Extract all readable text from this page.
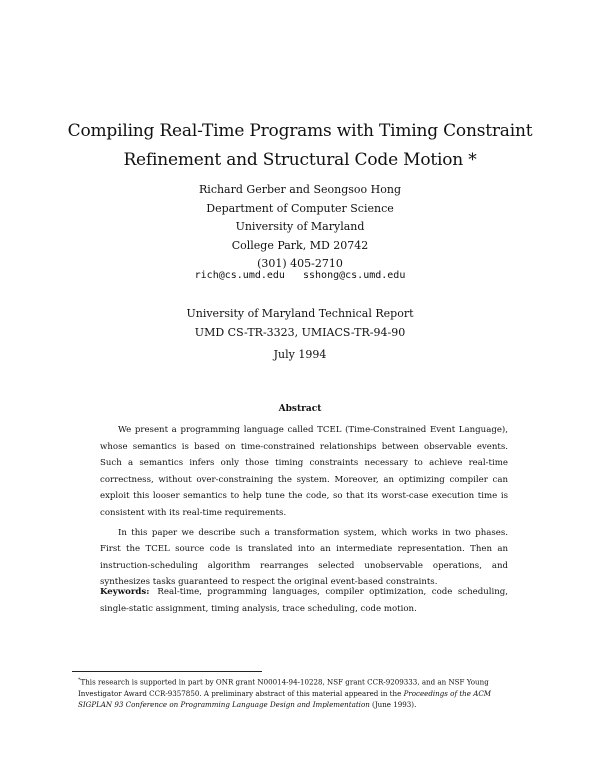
Compiling Real-Time Programs with Timing Constraint
Refinement and Structural Code Motion *
Richard Gerber and Seongsoo Hong
Department of Computer Science
University of Maryland
College Park, MD 20742
(301) 405-2710
rich@cs.umd.edu sshong@cs.umd.edu
University of Maryland Technical Report
UMD CS-TR-3323, UMIACS-TR-94-90
July 1994
Abstract

We present a programming language called TCEL (Time-Constrained Event Language), whose semantics is based on time-constrained relationships between observable events. Such a semantics infers only those timing constraints necessary to achieve real-time correctness, without over-constraining the system. Moreover, an optimizing compiler can exploit this looser semantics to help tune the code, so that its worst-case execution time is consistent with its real-time requirements.

In this paper we describe such a transformation system, which works in two phases. First the TCEL source code is translated into an intermediate representation. Then an instruction-scheduling algorithm rearranges selected unobservable operations, and synthesizes tasks guaranteed to respect the original event-based constraints.

Keywords: Real-time, programming languages, compiler optimization, code scheduling, single-static assignment, timing analysis, trace scheduling, code motion.
*This research is supported in part by ONR grant N00014-94-10228, NSF grant CCR-9209333, and an NSF Young Investigator Award CCR-9357850. A preliminary abstract of this material appeared in the Proceedings of the ACM SIGPLAN 93 Conference on Programming Language Design and Implementation (June 1993).
